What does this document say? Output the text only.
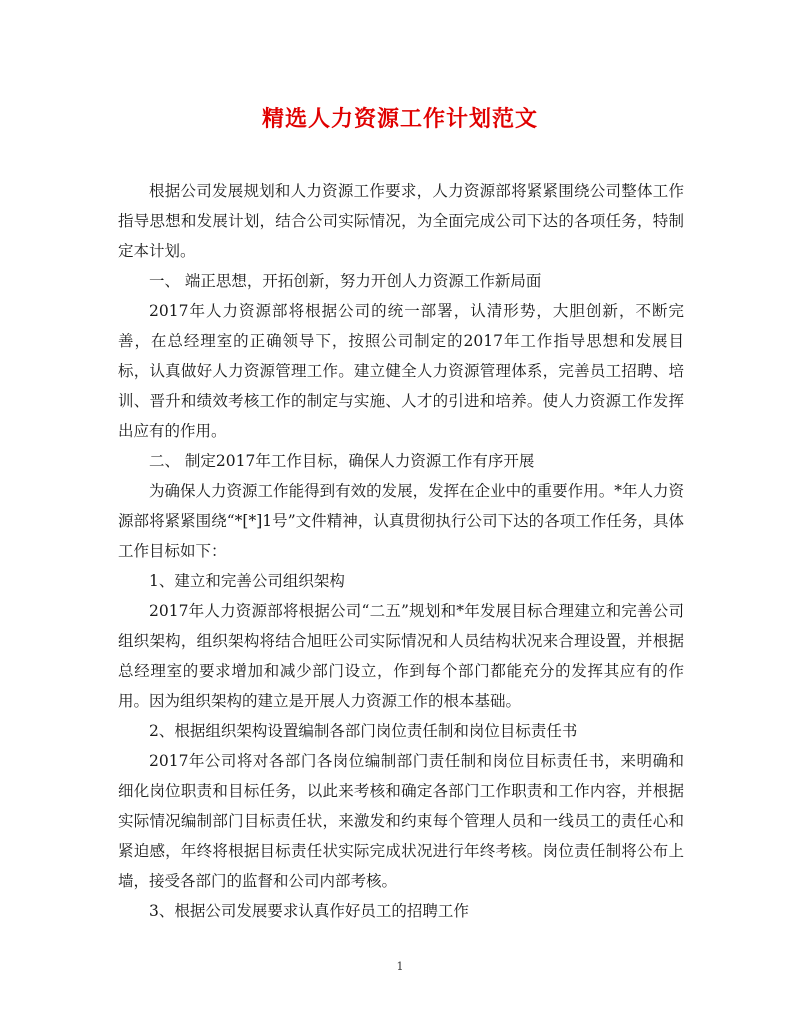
精选人力资源工作计划范文

根据公司发展规划和人力资源工作要求，人力资源部将紧紧围绕公司整体工作指导思想和发展计划，结合公司实际情况，为全面完成公司下达的各项任务，特制定本计划。

一、 端正思想，开拓创新，努力开创人力资源工作新局面

2017年人力资源部将根据公司的统一部署，认清形势，大胆创新，不断完善，在总经理室的正确领导下，按照公司制定的2017年工作指导思想和发展目标，认真做好人力资源管理工作。建立健全人力资源管理体系，完善员工招聘、培训、晋升和绩效考核工作的制定与实施、人才的引进和培养。使人力资源工作发挥出应有的作用。

二、 制定2017年工作目标，确保人力资源工作有序开展

为确保人力资源工作能得到有效的发展，发挥在企业中的重要作用。*年人力资源部将紧紧围绕“*[*]1号”文件精神，认真贯彻执行公司下达的各项工作任务，具体工作目标如下：

1、建立和完善公司组织架构

2017年人力资源部将根据公司“二五”规划和*年发展目标合理建立和完善公司组织架构，组织架构将结合旭旺公司实际情况和人员结构状况来合理设置，并根据总经理室的要求增加和减少部门设立，作到每个部门都能充分的发挥其应有的作用。因为组织架构的建立是开展人力资源工作的根本基础。

2、根据组织架构设置编制各部门岗位责任制和岗位目标责任书

2017年公司将对各部门各岗位编制部门责任制和岗位目标责任书，来明确和细化岗位职责和目标任务，以此来考核和确定各部门工作职责和工作内容，并根据实际情况编制部门目标责任状，来激发和约束每个管理人员和一线员工的责任心和紧迫感，年终将根据目标责任状实际完成状况进行年终考核。岗位责任制将公布上墙，接受各部门的监督和公司内部考核。

3、根据公司发展要求认真作好员工的招聘工作

1
